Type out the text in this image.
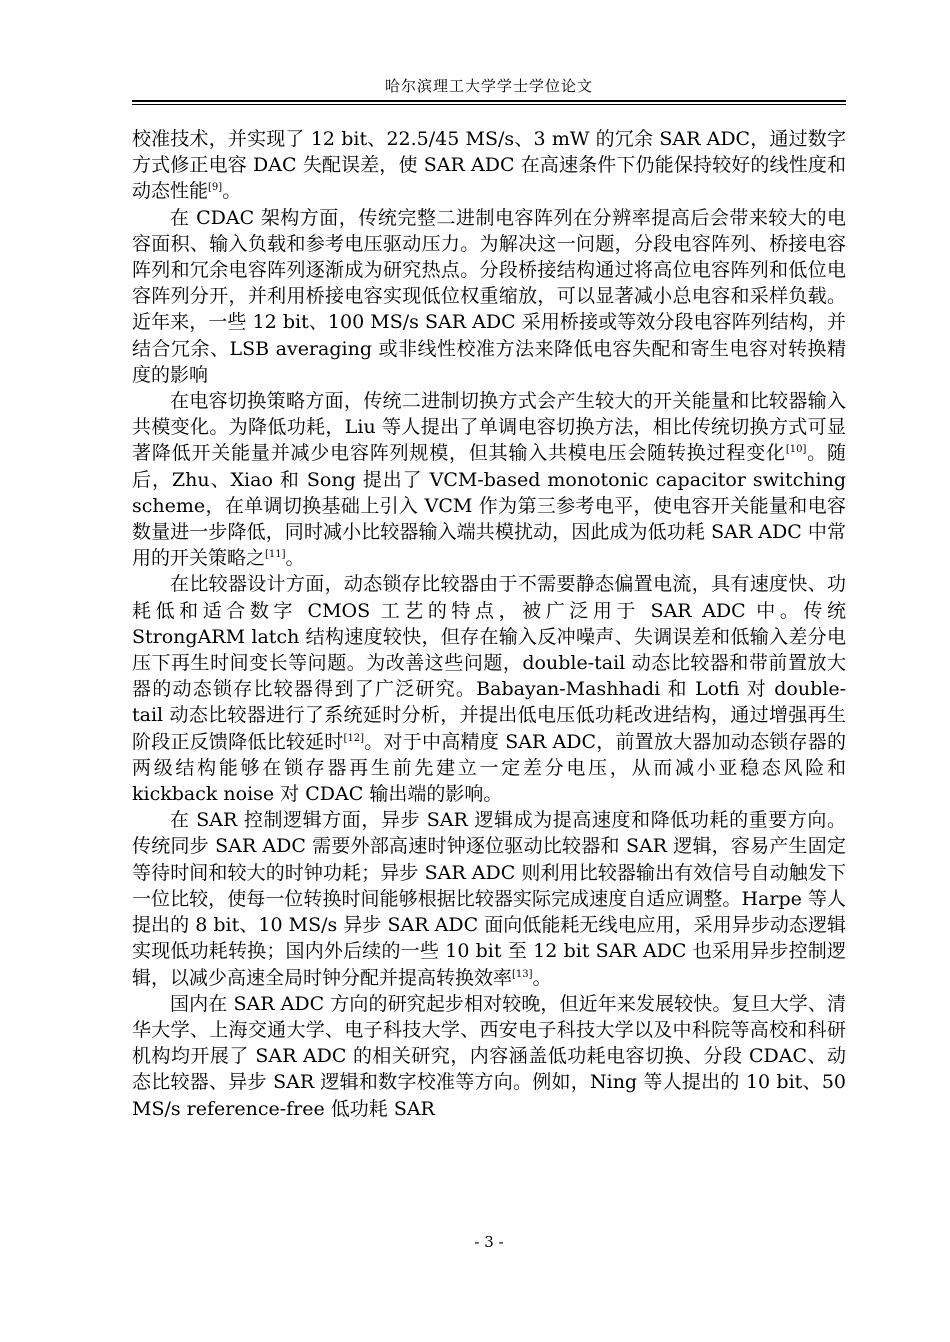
哈尔滨理工大学学士学位论文

校准技术，并实现了 12 bit、22.5/45 MS/s、3 mW 的冗余 SAR ADC，通过数字方式修正电容 DAC 失配误差，使 SAR ADC 在高速条件下仍能保持较好的线性度和动态性能[9]。

在 CDAC 架构方面，传统完整二进制电容阵列在分辨率提高后会带来较大的电容面积、输入负载和参考电压驱动压力。为解决这一问题，分段电容阵列、桥接电容阵列和冗余电容阵列逐渐成为研究热点。分段桥接结构通过将高位电容阵列和低位电容阵列分开，并利用桥接电容实现低位权重缩放，可以显著减小总电容和采样负载。近年来，一些 12 bit、100 MS/s SAR ADC 采用桥接或等效分段电容阵列结构，并结合冗余、LSB averaging 或非线性校准方法来降低电容失配和寄生电容对转换精度的影响

在电容切换策略方面，传统二进制切换方式会产生较大的开关能量和比较器输入共模变化。为降低功耗，Liu 等人提出了单调电容切换方法，相比传统切换方式可显著降低开关能量并减少电容阵列规模，但其输入共模电压会随转换过程变化[10]。随后，Zhu、Xiao 和 Song 提出了 VCM-based monotonic capacitor switching scheme，在单调切换基础上引入 VCM 作为第三参考电平，使电容开关能量和电容数量进一步降低，同时减小比较器输入端共模扰动，因此成为低功耗 SAR ADC 中常用的开关策略之[11]。

在比较器设计方面，动态锁存比较器由于不需要静态偏置电流，具有速度快、功耗低和适合数字 CMOS 工艺的特点，被广泛用于 SAR ADC 中。传统 StrongARM latch 结构速度较快，但存在输入反冲噪声、失调误差和低输入差分电压下再生时间变长等问题。为改善这些问题，double-tail 动态比较器和带前置放大器的动态锁存比较器得到了广泛研究。Babayan-Mashhadi 和 Lotfi 对 double-tail 动态比较器进行了系统延时分析，并提出低电压低功耗改进结构，通过增强再生阶段正反馈降低比较延时[12]。对于中高精度 SAR ADC，前置放大器加动态锁存器的两级结构能够在锁存器再生前先建立一定差分电压，从而减小亚稳态风险和 kickback noise 对 CDAC 输出端的影响。

在 SAR 控制逻辑方面，异步 SAR 逻辑成为提高速度和降低功耗的重要方向。传统同步 SAR ADC 需要外部高速时钟逐位驱动比较器和 SAR 逻辑，容易产生固定等待时间和较大的时钟功耗；异步 SAR ADC 则利用比较器输出有效信号自动触发下一位比较，使每一位转换时间能够根据比较器实际完成速度自适应调整。Harpe 等人提出的 8 bit、10 MS/s 异步 SAR ADC 面向低能耗无线电应用，采用异步动态逻辑实现低功耗转换；国内外后续的一些 10 bit 至 12 bit SAR ADC 也采用异步控制逻辑，以减少高速全局时钟分配并提高转换效率[13]。

国内在 SAR ADC 方向的研究起步相对较晚，但近年来发展较快。复旦大学、清华大学、上海交通大学、电子科技大学、西安电子科技大学以及中科院等高校和科研机构均开展了 SAR ADC 的相关研究，内容涵盖低功耗电容切换、分段 CDAC、动态比较器、异步 SAR 逻辑和数字校准等方向。例如，Ning 等人提出的 10 bit、50 MS/s reference-free 低功耗 SAR

- 3 -
